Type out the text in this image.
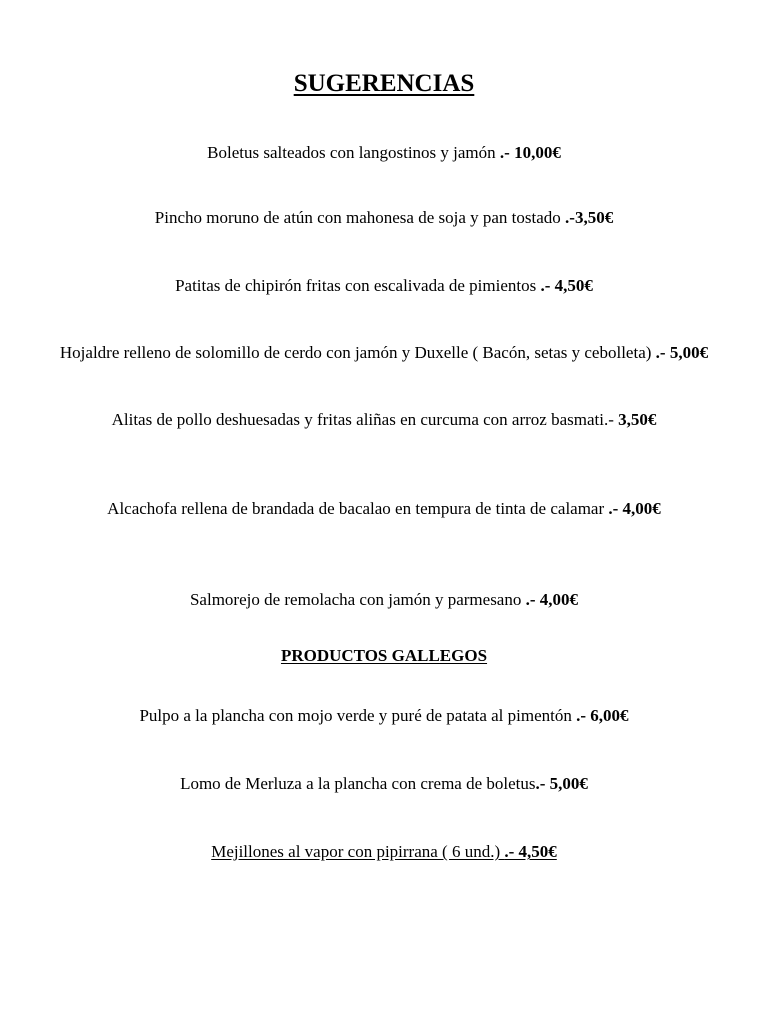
SUGERENCIAS
Boletus salteados con langostinos y jamón .- 10,00€
Pincho moruno de atún con mahonesa de soja y pan tostado .-3,50€
Patitas de chipirón fritas con escalivada de pimientos .- 4,50€
Hojaldre relleno de solomillo de cerdo con jamón y Duxelle ( Bacón, setas y cebolleta) .- 5,00€
Alitas de pollo deshuesadas y fritas aliñas en curcuma con arroz basmati.- 3,50€
Alcachofa rellena de brandada de bacalao en tempura de tinta de calamar .- 4,00€
Salmorejo de remolacha con jamón y parmesano .- 4,00€
PRODUCTOS GALLEGOS
Pulpo a la plancha con mojo verde y puré de patata al pimentón .- 6,00€
Lomo de Merluza a la plancha con crema de boletus.- 5,00€
Mejillones al vapor con pipirrana ( 6 und.) .- 4,50€
